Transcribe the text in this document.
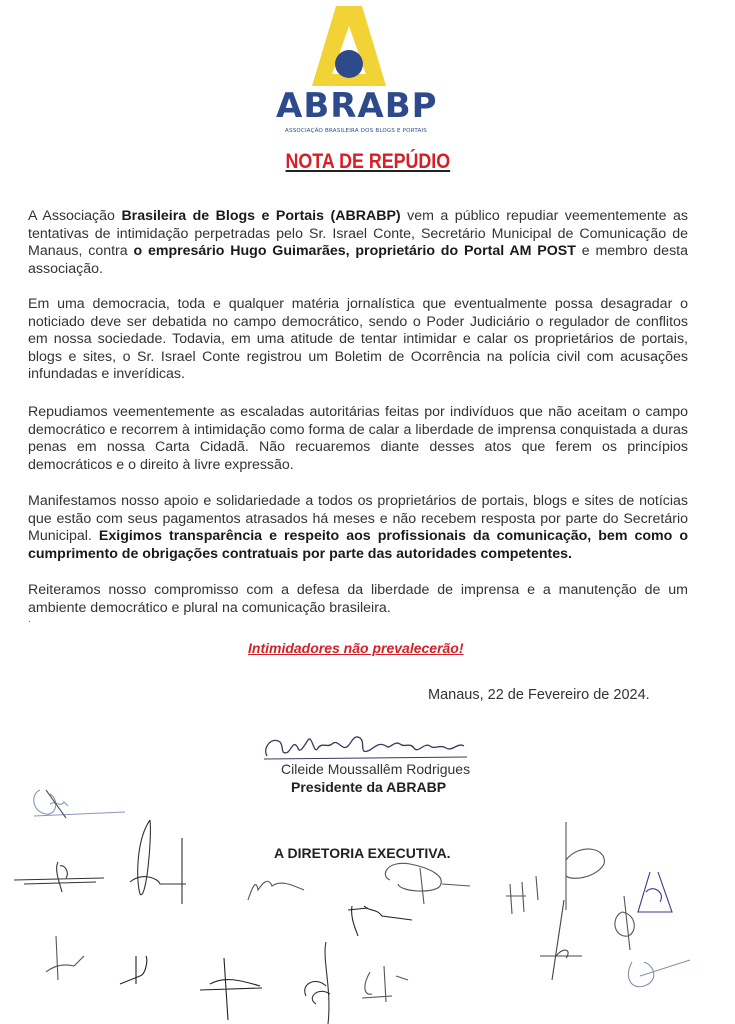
ABRABP
ASSOCIAÇÃO BRASILEIRA DOS BLOGS E PORTAIS
NOTA DE REPÚDIO
A Associação Brasileira de Blogs e Portais (ABRABP) vem a público repudiar veementemente as tentativas de intimidação perpetradas pelo Sr. Israel Conte, Secretário Municipal de Comunicação de Manaus, contra o empresário Hugo Guimarães, proprietário do Portal AM POST e membro desta associação.
Em uma democracia, toda e qualquer matéria jornalística que eventualmente possa desagradar o noticiado deve ser debatida no campo democrático, sendo o Poder Judiciário o regulador de conflitos em nossa sociedade. Todavia, em uma atitude de tentar intimidar e calar os proprietários de portais, blogs e sites, o Sr. Israel Conte registrou um Boletim de Ocorrência na polícia civil com acusações infundadas e inverídicas.
Repudiamos veementemente as escaladas autoritárias feitas por indivíduos que não aceitam o campo democrático e recorrem à intimidação como forma de calar a liberdade de imprensa conquistada a duras penas em nossa Carta Cidadã. Não recuaremos diante desses atos que ferem os princípios democráticos e o direito à livre expressão.
Manifestamos nosso apoio e solidariedade a todos os proprietários de portais, blogs e sites de notícias que estão com seus pagamentos atrasados há meses e não recebem resposta por parte do Secretário Municipal. Exigimos transparência e respeito aos profissionais da comunicação, bem como o cumprimento de obrigações contratuais por parte das autoridades competentes.
Reiteramos nosso compromisso com a defesa da liberdade de imprensa e a manutenção de um ambiente democrático e plural na comunicação brasileira.
.
Intimidadores não prevalecerão!
Manaus, 22 de Fevereiro de 2024.
Cileide Moussallêm Rodrigues
Presidente da ABRABP
A DIRETORIA EXECUTIVA.
